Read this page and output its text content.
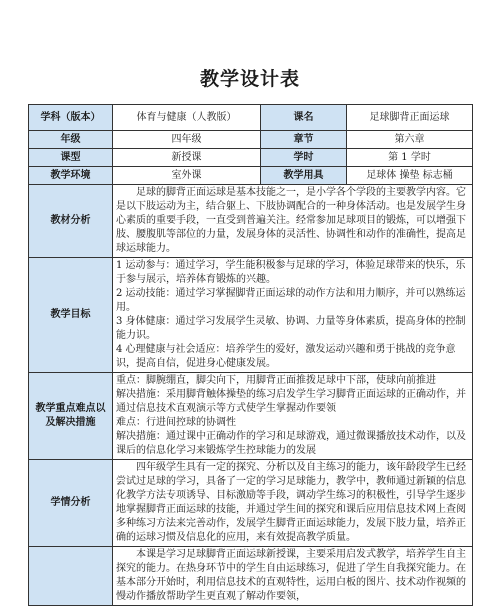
教学设计表
学科（版本）	体育与健康（人教版）	课名	足球脚背正面运球
年级	四年级	章节	第六章
课型	新授课	学时	第 1 学时
教学环境	室外课	教学用具	足球体 操垫 标志桶
教材分析	足球的脚背正面运球是基本技能之一，是小学各个学段的主要教学内容。它是以下肢运动为主，结合躯上、下肢协调配合的一种身体活动。也是发展学生身心素质的重要手段，一直受到普遍关注。经常参加足球项目的锻炼，可以增强下肢、腰腹肌等部位的力量，发展身体的灵活性、协调性和动作的准确性，提高足球运球能力。		

教学目标	1 运动参与：通过学习，学生能积极参与足球的学习，体验足球带来的快乐，乐于参与展示，培养体育锻炼的兴趣。

2 运动技能：通过学习掌握脚背正面运球的动作方法和用力顺序，并可以熟练运用。

3 身体健康：通过学习发展学生灵敏、协调、力量等身体素质，提高身体的控制能力识。

4 心理健康与社会适应：培养学生的爱好，激发运动兴趣和勇于挑战的竞争意识，提高自信，促进身心健康发展。		

教学重点难点以及解决措施	重点：脚腕绷直，脚尖向下，用脚背正面推拨足球中下部，使球向前推进

解决措施：采用脚背触体操垫的练习启发学生学习脚背正面运球的正确动作，并通过信息技术直观演示等方式使学生掌握动作要领

难点：行进间控球的协调性

解决措施：通过课中正确动作的学习和足球游戏，通过微课播放技术动作，以及课后的信息化学习来锻炼学生控球能力的发展		

学情分析	四年级学生具有一定的探究、分析以及自主练习的能力，该年龄段学生已经尝试过足球的学习，具备了一定的学习足球能力，教学中，教师通过新颖的信息化教学方法专项诱导、目标激励等手段，调动学生练习的积极性，引导学生逐步地掌握脚背正面运球的技能，并通过学生间的探究和课后应用信息技术网上查阅多种练习方法来完善动作，发展学生脚背正面运球能力，发展下肢力量，培养正确的运球习惯及信息化的应用，来有效提高教学质量。		

	本课是学习足球脚背正面运球新授课，主要采用启发式教学，培养学生自主探究的能力。在热身环节中的学生自由运球练习，促进了学生自我探究能力。在基本部分开始时，利用信息技术的直观特性，运用白板的图片、技术动作视频的慢动作播放帮助学生更直观了解动作要领，		
